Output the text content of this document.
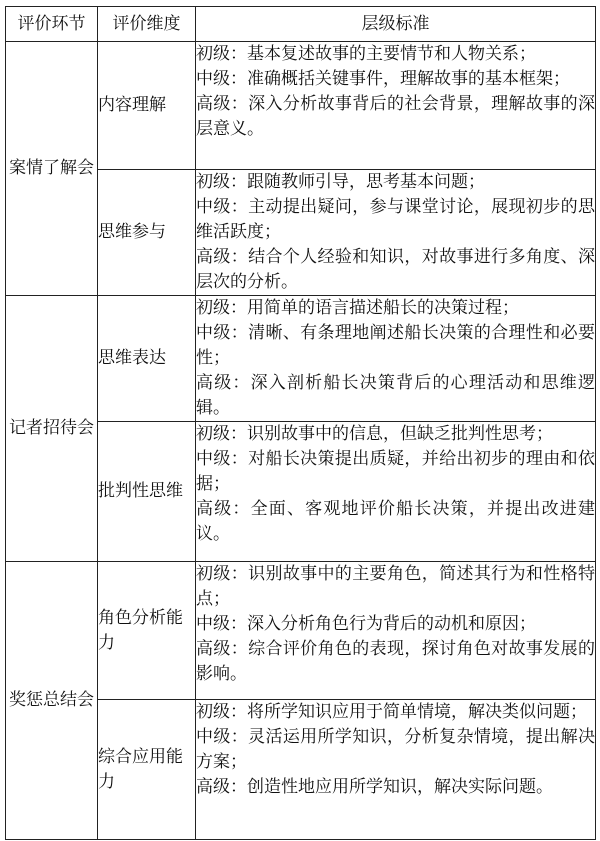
评价环节	评价维度	层级标准
案情了解会	内容理解	初级：基本复述故事的主要情节和人物关系；
中级：准确概括关键事件，理解故事的基本框架；
高级：深入分析故事背后的社会背景，理解故事的深层意义。

	思维参与	初级：跟随教师引导，思考基本问题；
中级：主动提出疑问，参与课堂讨论，展现初步的思维活跃度；
高级：结合个人经验和知识，对故事进行多角度、深层次的分析。

记者招待会	思维表达	初级：用简单的语言描述船长的决策过程；
中级：清晰、有条理地阐述船长决策的合理性和必要性；
高级：深入剖析船长决策背后的心理活动和思维逻辑。

	批判性思维	初级：识别故事中的信息，但缺乏批判性思考；
中级：对船长决策提出质疑，并给出初步的理由和依据；
高级：全面、客观地评价船长决策，并提出改进建议。

奖惩总结会	角色分析能力	初级：识别故事中的主要角色，简述其行为和性格特点；
中级：深入分析角色行为背后的动机和原因；
高级：综合评价角色的表现，探讨角色对故事发展的影响。

	综合应用能力	初级：将所学知识应用于简单情境，解决类似问题；
中级：灵活运用所学知识，分析复杂情境，提出解决方案；
高级：创造性地应用所学知识，解决实际问题。
